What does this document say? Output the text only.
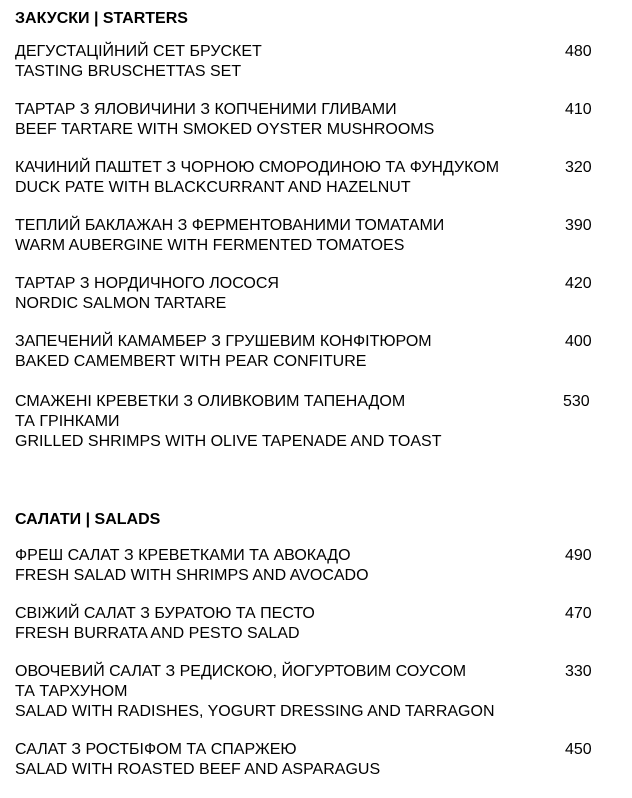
ЗАКУСКИ | STARTERS
ДЕГУСТАЦІЙНИЙ СЕТ БРУСКЕТ
TASTING BRUSCHETTAS SET
480
ТАРТАР З ЯЛОВИЧИНИ З КОПЧЕНИМИ ГЛИВАМИ
BEEF TARTARE WITH SMOKED OYSTER MUSHROOMS
410
КАЧИНИЙ ПАШТЕТ З ЧОРНОЮ СМОРОДИНОЮ ТА ФУНДУКОМ
DUCK PATE WITH BLACKCURRANT AND HAZELNUT
320
ТЕПЛИЙ БАКЛАЖАН З ФЕРМЕНТОВАНИМИ ТОМАТАМИ
WARM AUBERGINE WITH FERMENTED TOMATOES
390
ТАРТАР З НОРДИЧНОГО ЛОСОСЯ
NORDIC SALMON TARTARE
420
ЗАПЕЧЕНИЙ КАМАМБЕР З ГРУШЕВИМ КОНФІТЮРОМ
BAKED CAMEMBERT WITH PEAR CONFITURE
400
СМАЖЕНІ КРЕВЕТКИ З ОЛИВКОВИМ ТАПЕНАДОМ
ТА ГРІНКАМИ
GRILLED SHRIMPS WITH OLIVE TAPENADE AND TOAST
530
САЛАТИ | SALADS
ФРЕШ САЛАТ З КРЕВЕТКАМИ ТА АВОКАДО
FRESH SALAD WITH SHRIMPS AND AVOCADO
490
СВІЖИЙ САЛАТ З БУРАТОЮ ТА ПЕСТО
FRESH BURRATA AND PESTO SALAD
470
ОВОЧЕВИЙ САЛАТ З РЕДИСКОЮ, ЙОГУРТОВИМ СОУСОМ
ТА ТАРХУНОМ
SALAD WITH RADISHES, YOGURT DRESSING AND TARRAGON
330
САЛАТ З РОСТБІФОМ ТА СПАРЖЕЮ
SALAD WITH ROASTED BEEF AND ASPARAGUS
450
